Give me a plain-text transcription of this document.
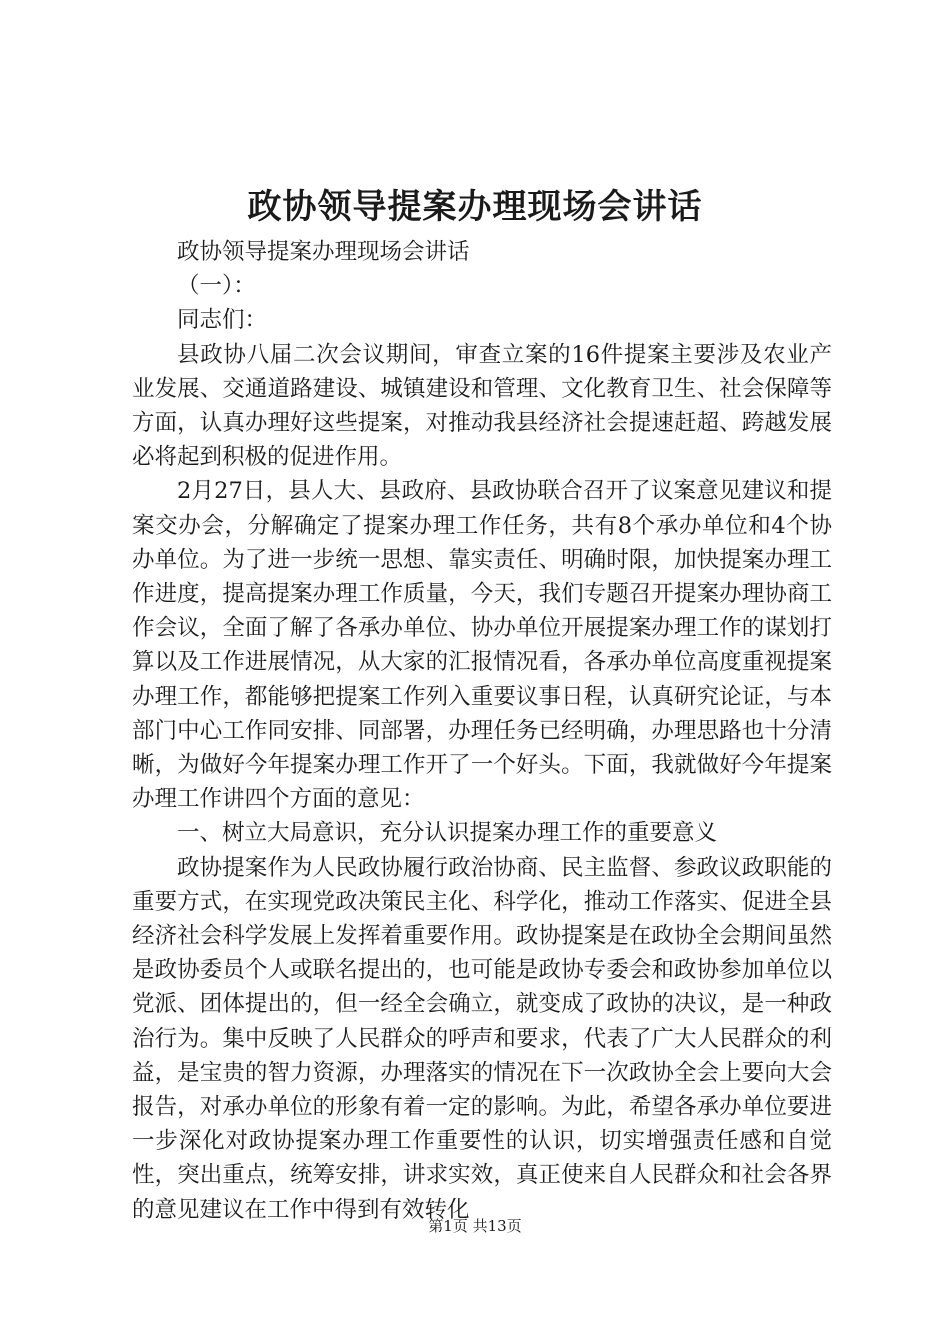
政协领导提案办理现场会讲话

政协领导提案办理现场会讲话

（一）：

同志们：

县政协八届二次会议期间，审查立案的16件提案主要涉及农业产业发展、交通道路建设、城镇建设和管理、文化教育卫生、社会保障等方面，认真办理好这些提案，对推动我县经济社会提速赶超、跨越发展必将起到积极的促进作用。

2月27日，县人大、县政府、县政协联合召开了议案意见建议和提案交办会，分解确定了提案办理工作任务，共有8个承办单位和4个协办单位。为了进一步统一思想、靠实责任、明确时限，加快提案办理工作进度，提高提案办理工作质量，今天，我们专题召开提案办理协商工作会议，全面了解了各承办单位、协办单位开展提案办理工作的谋划打算以及工作进展情况，从大家的汇报情况看，各承办单位高度重视提案办理工作，都能够把提案工作列入重要议事日程，认真研究论证，与本部门中心工作同安排、同部署，办理任务已经明确，办理思路也十分清晰，为做好今年提案办理工作开了一个好头。下面，我就做好今年提案办理工作讲四个方面的意见：

一、树立大局意识，充分认识提案办理工作的重要意义

政协提案作为人民政协履行政治协商、民主监督、参政议政职能的重要方式，在实现党政决策民主化、科学化，推动工作落实、促进全县经济社会科学发展上发挥着重要作用。政协提案是在政协全会期间虽然是政协委员个人或联名提出的，也可能是政协专委会和政协参加单位以党派、团体提出的，但一经全会确立，就变成了政协的决议，是一种政治行为。集中反映了人民群众的呼声和要求，代表了广大人民群众的利益，是宝贵的智力资源，办理落实的情况在下一次政协全会上要向大会报告，对承办单位的形象有着一定的影响。为此，希望各承办单位要进一步深化对政协提案办理工作重要性的认识，切实增强责任感和自觉性，突出重点，统筹安排，讲求实效，真正使来自人民群众和社会各界的意见建议在工作中得到有效转化

第1页 共13页
